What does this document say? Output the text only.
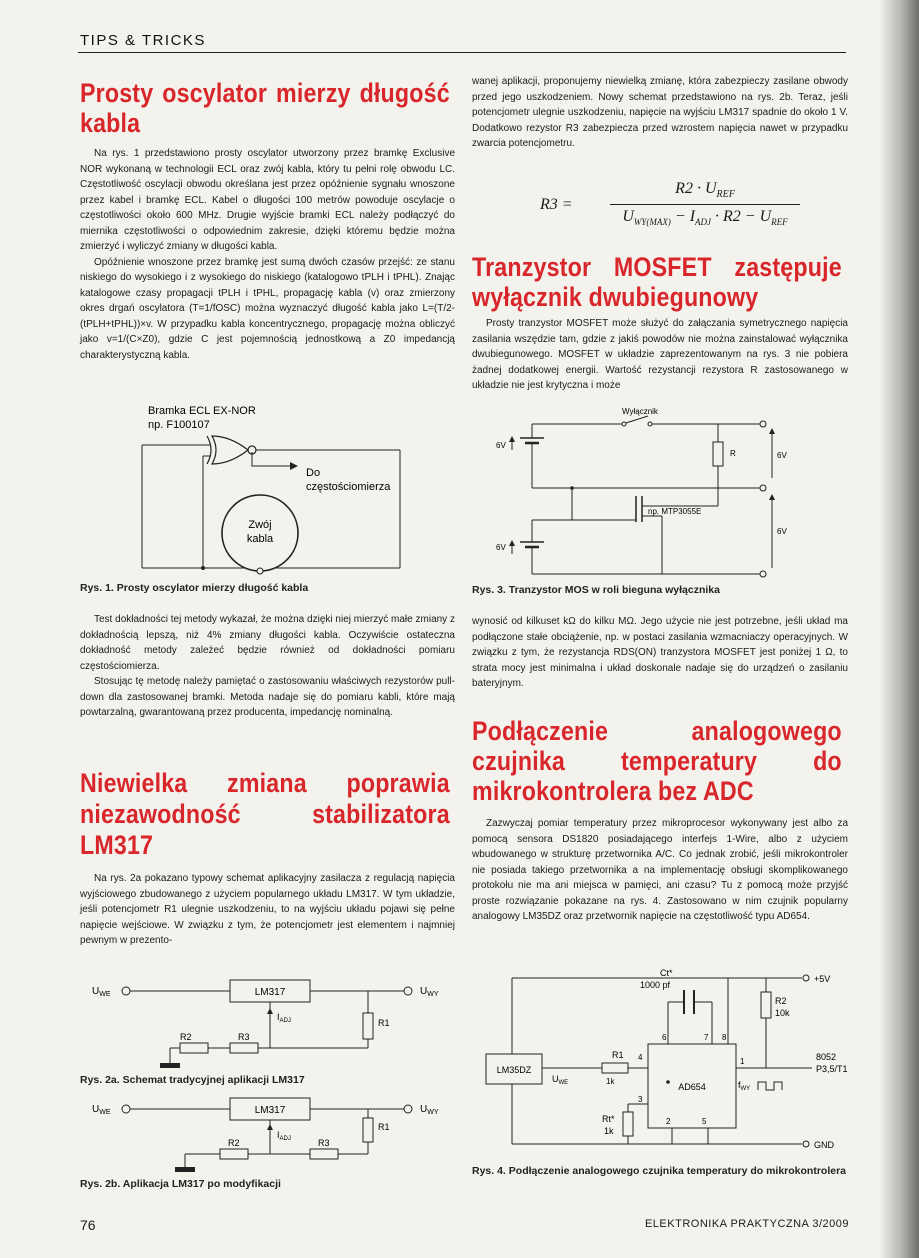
TIPS & TRICKS
Prosty oscylator mierzy długość kabla

Na rys. 1 przedstawiono prosty oscylator utworzony przez bramkę Exclusive NOR wykonaną w technologii ECL oraz zwój kabla, który tu pełni rolę obwodu LC. Częstotliwość oscylacji obwodu określana jest przez opóźnienie sygnału wnoszone przez kabel i bramkę ECL. Kabel o długości 100 metrów powoduje oscylacje o częstotliwości około 600 MHz. Drugie wyjście bramki ECL należy podłączyć do miernika częstotliwości o odpowiednim zakresie, dzięki któremu będzie można zmierzyć i wyliczyć zmiany w długości kabla.

Opóźnienie wnoszone przez bramkę jest sumą dwóch czasów przejść: ze stanu niskiego do wysokiego i z wysokiego do niskiego (katalogowo tPLH i tPHL). Znając katalogowe czasy propagacji tPLH i tPHL, propagację kabla (v) oraz zmierzony okres drgań oscylatora (T=1/fOSC) można wyznaczyć długość kabla jako L=(T/2-(tPLH+tPHL))×v. W przypadku kabla koncentrycznego, propagację można obliczyć jako v=1/(C×Z0), gdzie C jest pojemnością jednostkową a Z0 impedancją charakterystyczną kabla.

Bramka ECL EX-NOR
np. F100107
Do
częstościomierza
Zwój
kabla
Rys. 1. Prosty oscylator mierzy długość kabla

Test dokładności tej metody wykazał, że można dzięki niej mierzyć małe zmiany z dokładnością lepszą, niż 4% zmiany długości kabla. Oczywiście ostateczna dokładność metody zależeć będzie również od dokładności pomiaru częstościomierza.

Stosując tę metodę należy pamiętać o zastosowaniu właściwych rezystorów pull-down dla zastosowanej bramki. Metoda nadaje się do pomiaru kabli, które mają powtarzalną, gwarantowaną przez producenta, impedancję nominalną.

Niewielka zmiana poprawia niezawodność stabilizatora LM317

Na rys. 2a pokazano typowy schemat aplikacyjny zasilacza z regulacją napięcia wyjściowego zbudowanego z użyciem popularnego układu LM317. W tym układzie, jeśli potencjometr R1 ulegnie uszkodzeniu, to na wyjściu układu pojawi się pełne napięcie wejściowe. W związku z tym, że potencjometr jest elementem i najmniej pewnym w prezento-

$U_{WE}$	LM317	$U_{WY}$
R1
$I_{ADJ}$
R2	R3
Rys. 2a. Schemat tradycyjnej aplikacji LM317
$U_{WE}$	LM317	$U_{WY}$
R1
$I_{ADJ}$
R2	R3
Rys. 2b. Aplikacja LM317 po modyfikacji

wanej aplikacji, proponujemy niewielką zmianę, która zabezpieczy zasilane obwody przed jego uszkodzeniem. Nowy schemat przedstawiono na rys. 2b. Teraz, jeśli potencjometr ulegnie uszkodzeniu, napięcie na wyjściu LM317 spadnie do około 1 V. Dodatkowo rezystor R3 zabezpiecza przed wzrostem napięcia nawet w przypadku zwarcia potencjometru.

R3 =
$R2 \cdot U_{REF}$
$U_{WY(MAX)} - I_{ADJ} \cdot R2 - U_{REF}$
Tranzystor MOSFET zastępuje wyłącznik dwubiegunowy

Prosty tranzystor MOSFET może służyć do załączania symetrycznego napięcia zasilania wszędzie tam, gdzie z jakiś powodów nie można zainstalować wyłącznika dwubiegunowego. MOSFET w układzie zaprezentowanym na rys. 3 nie pobiera żadnej dodatkowej energii. Wartość rezystancji rezystora R zastosowanego w układzie nie jest krytyczna i może

Wyłącznik
6V
R	6V
np. MTP3055E
6V
6V
Rys. 3. Tranzystor MOS w roli bieguna wyłącznika

wynosić od kilkuset kΩ do kilku MΩ. Jego użycie nie jest potrzebne, jeśli układ ma podłączone stałe obciążenie, np. w postaci zasilania wzmacniaczy operacyjnych. W związku z tym, że rezystancja RDS(ON) tranzystora MOSFET jest poniżej 1 Ω, to strata mocy jest minimalna i układ doskonale nadaje się do urządzeń o zasilaniu bateryjnym.

Podłączenie analogowego czujnika temperatury do mikrokontrolera bez ADC

Zazwyczaj pomiar temperatury przez mikroprocesor wykonywany jest albo za pomocą sensora DS1820 posiadającego interfejs 1-Wire, albo z użyciem wbudowanego w strukturę przetwornika A/C. Co jednak zrobić, jeśli mikrokontroler nie posiada takiego przetwornika a na implementację obsługi skomplikowanego protokołu nie ma ani miejsca w pamięci, ani czasu? Tu z pomocą może przyjść proste rozwiązanie pokazane na rys. 4. Zastosowano w nim czujnik popularny analogowy LM35DZ oraz przetwornik napięcie na częstotliwość typu AD654.

+5V
LM35DZ
GND
AD654
R1
1k
4
$U_{WE}$
Ct*
1000 pf
6	7 8
R2
10k
1	8052
P3,5/T1
$f_{WY}$
3
Rt*
1k
2	5
Rys. 4. Podłączenie analogowego czujnika temperatury do mikrokontrolera
76	ELEKTRONIKA PRAKTYCZNA 3/2009
